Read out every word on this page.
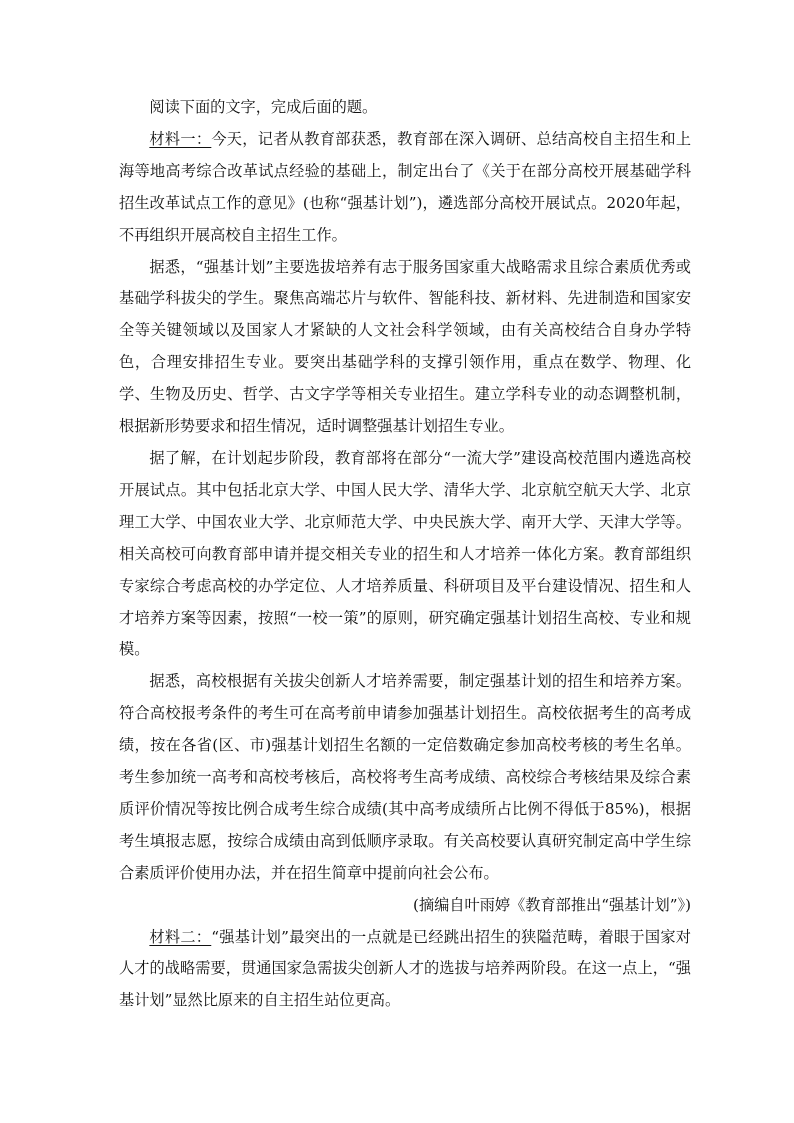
阅读下面的文字，完成后面的题。

材料一：今天，记者从教育部获悉，教育部在深入调研、总结高校自主招生和上海等地高考综合改革试点经验的基础上，制定出台了《关于在部分高校开展基础学科招生改革试点工作的意见》(也称“强基计划”)，遴选部分高校开展试点。2020年起，不再组织开展高校自主招生工作。

据悉，“强基计划”主要选拔培养有志于服务国家重大战略需求且综合素质优秀或基础学科拔尖的学生。聚焦高端芯片与软件、智能科技、新材料、先进制造和国家安全等关键领域以及国家人才紧缺的人文社会科学领域，由有关高校结合自身办学特色，合理安排招生专业。要突出基础学科的支撑引领作用，重点在数学、物理、化学、生物及历史、哲学、古文字学等相关专业招生。建立学科专业的动态调整机制，根据新形势要求和招生情况，适时调整强基计划招生专业。

据了解，在计划起步阶段，教育部将在部分“一流大学”建设高校范围内遴选高校开展试点。其中包括北京大学、中国人民大学、清华大学、北京航空航天大学、北京理工大学、中国农业大学、北京师范大学、中央民族大学、南开大学、天津大学等。相关高校可向教育部申请并提交相关专业的招生和人才培养一体化方案。教育部组织专家综合考虑高校的办学定位、人才培养质量、科研项目及平台建设情况、招生和人才培养方案等因素，按照“一校一策”的原则，研究确定强基计划招生高校、专业和规模。

据悉，高校根据有关拔尖创新人才培养需要，制定强基计划的招生和培养方案。符合高校报考条件的考生可在高考前申请参加强基计划招生。高校依据考生的高考成绩，按在各省(区、市)强基计划招生名额的一定倍数确定参加高校考核的考生名单。考生参加统一高考和高校考核后，高校将考生高考成绩、高校综合考核结果及综合素质评价情况等按比例合成考生综合成绩(其中高考成绩所占比例不得低于85%)，根据考生填报志愿，按综合成绩由高到低顺序录取。有关高校要认真研究制定高中学生综合素质评价使用办法，并在招生简章中提前向社会公布。

(摘编自叶雨婷《教育部推出“强基计划”》)

材料二：“强基计划”最突出的一点就是已经跳出招生的狭隘范畴，着眼于国家对人才的战略需要，贯通国家急需拔尖创新人才的选拔与培养两阶段。在这一点上，“强基计划”显然比原来的自主招生站位更高。
